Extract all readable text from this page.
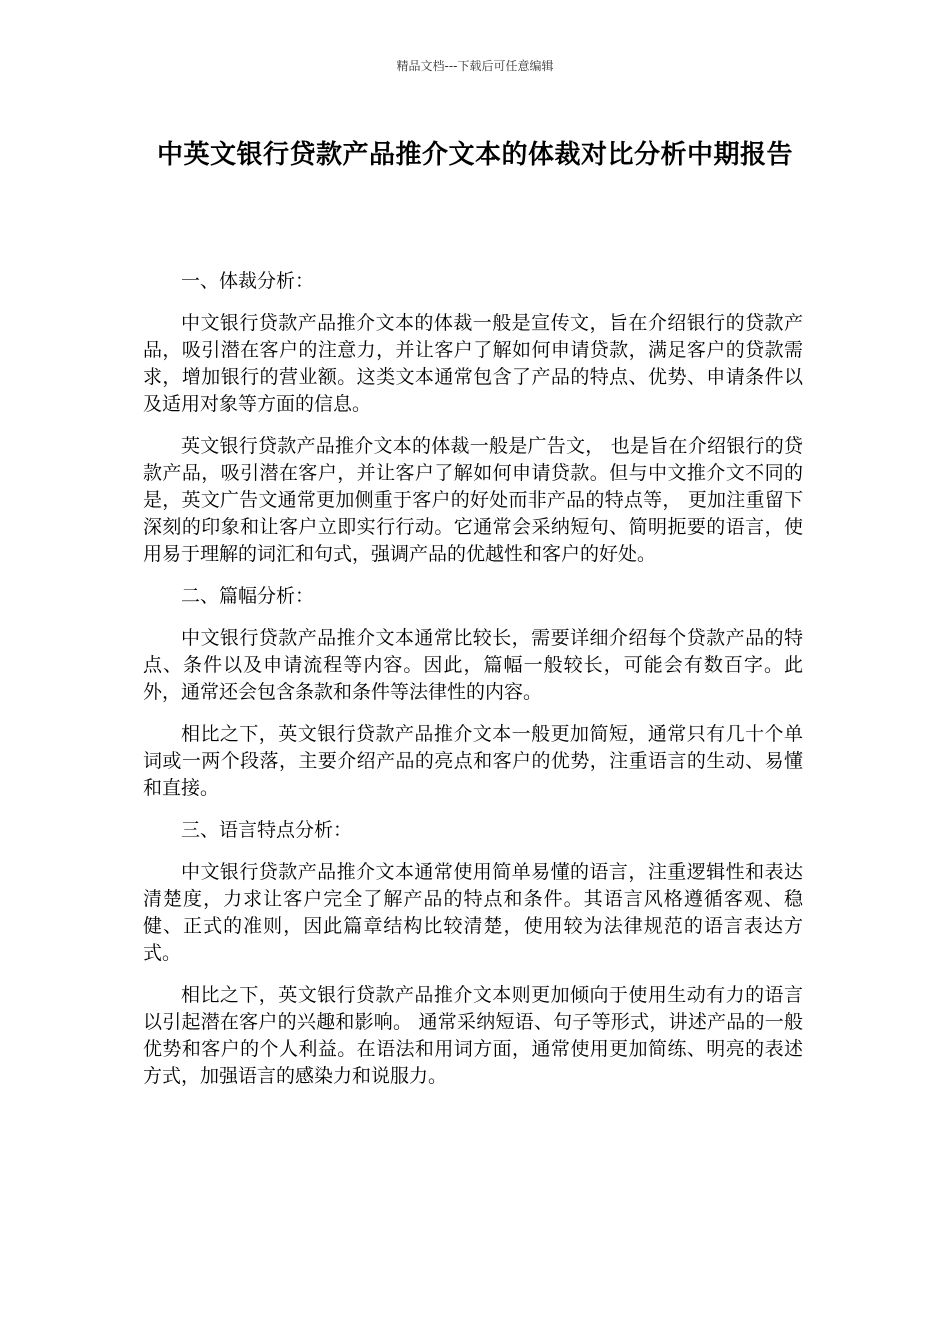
精品文档---下载后可任意编辑
中英文银行贷款产品推介文本的体裁对比分析中期报告

一、体裁分析：

中文银行贷款产品推介文本的体裁一般是宣传文，旨在介绍银行的贷款产品，吸引潜在客户的注意力，并让客户了解如何申请贷款，满足客户的贷款需求，增加银行的营业额。这类文本通常包含了产品的特点、优势、申请条件以及适用对象等方面的信息。

英文银行贷款产品推介文本的体裁一般是广告文， 也是旨在介绍银行的贷款产品，吸引潜在客户，并让客户了解如何申请贷款。但与中文推介文不同的是，英文广告文通常更加侧重于客户的好处而非产品的特点等， 更加注重留下深刻的印象和让客户立即实行行动。它通常会采纳短句、简明扼要的语言，使用易于理解的词汇和句式，强调产品的优越性和客户的好处。

二、篇幅分析：

中文银行贷款产品推介文本通常比较长，需要详细介绍每个贷款产品的特点、条件以及申请流程等内容。因此，篇幅一般较长，可能会有数百字。此外，通常还会包含条款和条件等法律性的内容。

相比之下，英文银行贷款产品推介文本一般更加简短，通常只有几十个单词或一两个段落，主要介绍产品的亮点和客户的优势，注重语言的生动、易懂和直接。

三、语言特点分析：

中文银行贷款产品推介文本通常使用简单易懂的语言，注重逻辑性和表达清楚度，力求让客户完全了解产品的特点和条件。其语言风格遵循客观、稳健、正式的准则，因此篇章结构比较清楚，使用较为法律规范的语言表达方式。

相比之下，英文银行贷款产品推介文本则更加倾向于使用生动有力的语言以引起潜在客户的兴趣和影响。 通常采纳短语、句子等形式，讲述产品的一般优势和客户的个人利益。在语法和用词方面，通常使用更加简练、明亮的表述方式，加强语言的感染力和说服力。
